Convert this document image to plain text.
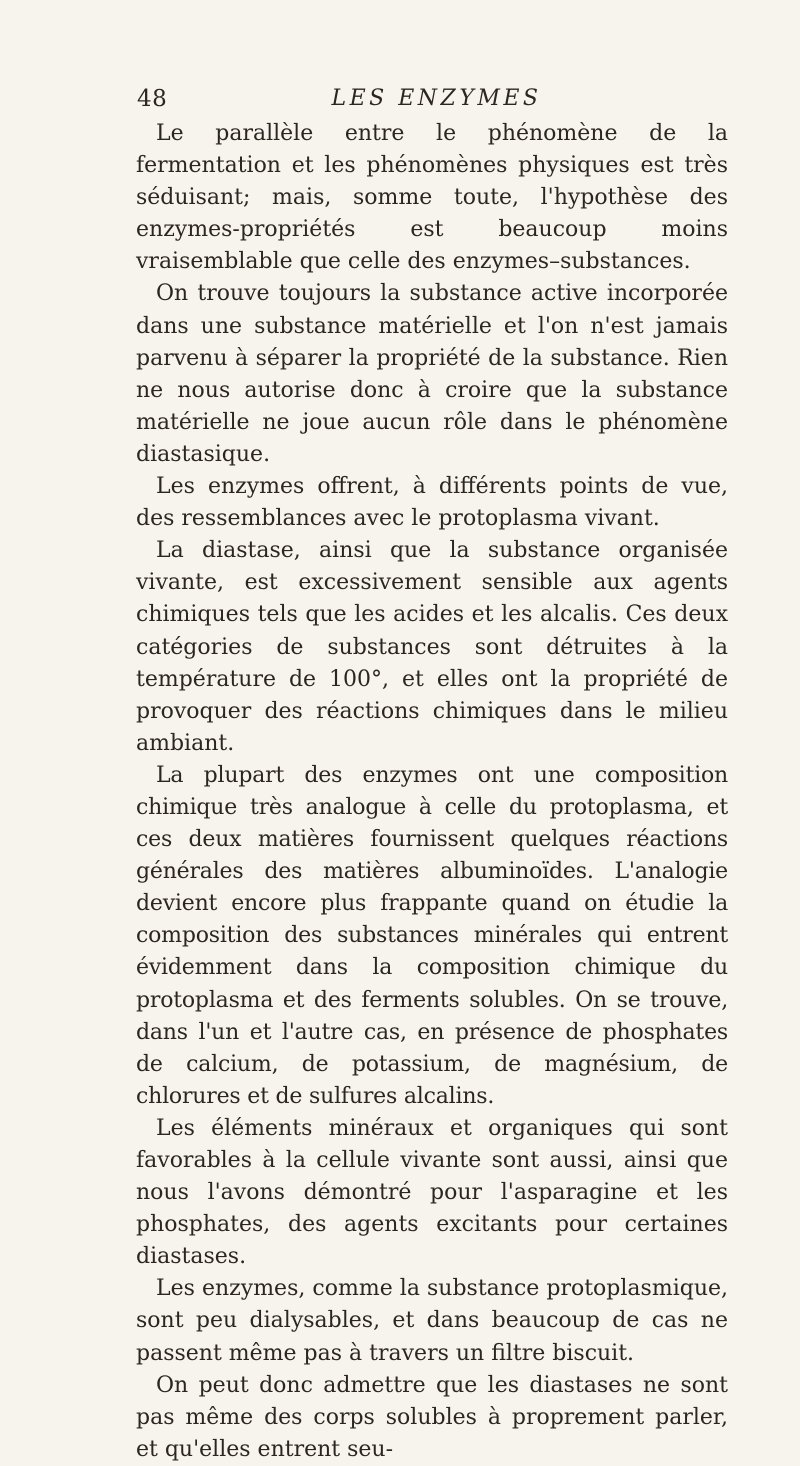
48	LES ENZYMES

Le parallèle entre le phénomène de la fermentation et les phénomènes physiques est très séduisant; mais, somme toute, l'hypothèse des enzymes-propriétés est beaucoup moins vraisemblable que celle des enzymes–substances.

On trouve toujours la substance active incorporée dans une substance matérielle et l'on n'est jamais parvenu à séparer la propriété de la substance. Rien ne nous autorise donc à croire que la substance matérielle ne joue aucun rôle dans le phénomène diastasique.

Les enzymes offrent, à différents points de vue, des ressemblances avec le protoplasma vivant.

La diastase, ainsi que la substance organisée vivante, est excessivement sensible aux agents chimiques tels que les acides et les alcalis. Ces deux catégories de substances sont détruites à la température de 100°, et elles ont la propriété de provoquer des réactions chimiques dans le milieu ambiant.

La plupart des enzymes ont une composition chimique très analogue à celle du protoplasma, et ces deux matières fournissent quelques réactions générales des matières albuminoïdes. L'analogie devient encore plus frappante quand on étudie la composition des substances minérales qui entrent évidemment dans la composition chimique du protoplasma et des ferments solubles. On se trouve, dans l'un et l'autre cas, en présence de phosphates de calcium, de potassium, de magnésium, de chlorures et de sulfures alcalins.

Les éléments minéraux et organiques qui sont favorables à la cellule vivante sont aussi, ainsi que nous l'avons démontré pour l'asparagine et les phosphates, des agents excitants pour certaines diastases.

Les enzymes, comme la substance protoplasmique, sont peu dialysables, et dans beaucoup de cas ne passent même pas à travers un filtre biscuit.

On peut donc admettre que les diastases ne sont pas même des corps solubles à proprement parler, et qu'elles entrent seu-
